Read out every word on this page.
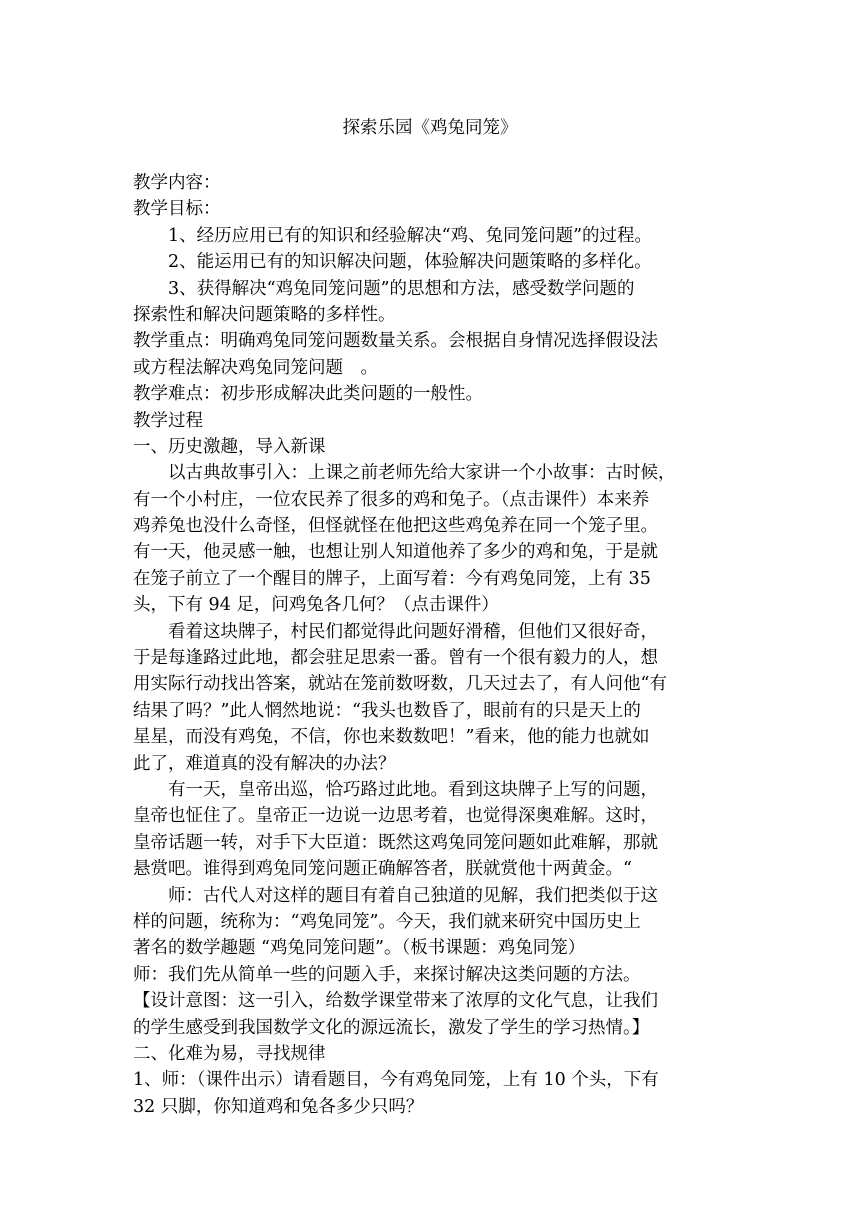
探索乐园《鸡兔同笼》
教学内容：
教学目标：
1、经历应用已有的知识和经验解决“鸡、兔同笼问题”的过程。
2、能运用已有的知识解决问题，体验解决问题策略的多样化。
3、获得解决“鸡兔同笼问题”的思想和方法，感受数学问题的
探索性和解决问题策略的多样性。
教学重点：明确鸡兔同笼问题数量关系。会根据自身情况选择假设法
或方程法解决鸡兔同笼问题　。
教学难点：初步形成解决此类问题的一般性。
教学过程
一、历史激趣，导入新课
以古典故事引入：上课之前老师先给大家讲一个小故事：古时候，
有一个小村庄，一位农民养了很多的鸡和兔子。（点击课件）本来养
鸡养兔也没什么奇怪，但怪就怪在他把这些鸡兔养在同一个笼子里。
有一天，他灵感一触，也想让别人知道他养了多少的鸡和兔，于是就
在笼子前立了一个醒目的牌子，上面写着：今有鸡兔同笼，上有 35
头，下有 94 足，问鸡兔各几何？（点击课件）
看着这块牌子，村民们都觉得此问题好滑稽，但他们又很好奇，
于是每逢路过此地，都会驻足思索一番。曾有一个很有毅力的人，想
用实际行动找出答案，就站在笼前数呀数，几天过去了，有人问他“有
结果了吗？”此人惘然地说：“我头也数昏了，眼前有的只是天上的
星星，而没有鸡兔，不信，你也来数数吧！”看来，他的能力也就如
此了，难道真的没有解决的办法？
有一天，皇帝出巡，恰巧路过此地。看到这块牌子上写的问题，
皇帝也怔住了。皇帝正一边说一边思考着，也觉得深奥难解。这时，
皇帝话题一转，对手下大臣道：既然这鸡兔同笼问题如此难解，那就
悬赏吧。谁得到鸡兔同笼问题正确解答者，朕就赏他十两黄金。“
师：古代人对这样的题目有着自己独道的见解，我们把类似于这
样的问题，统称为：“鸡兔同笼”。今天，我们就来研究中国历史上
著名的数学趣题 “鸡兔同笼问题”。（板书课题：鸡兔同笼）
师：我们先从简单一些的问题入手，来探讨解决这类问题的方法。
【设计意图：这一引入，给数学课堂带来了浓厚的文化气息，让我们
的学生感受到我国数学文化的源远流长，激发了学生的学习热情。】
二、化难为易，寻找规律
1、师：（课件出示）请看题目，今有鸡兔同笼，上有 10 个头，下有
32 只脚，你知道鸡和兔各多少只吗？
